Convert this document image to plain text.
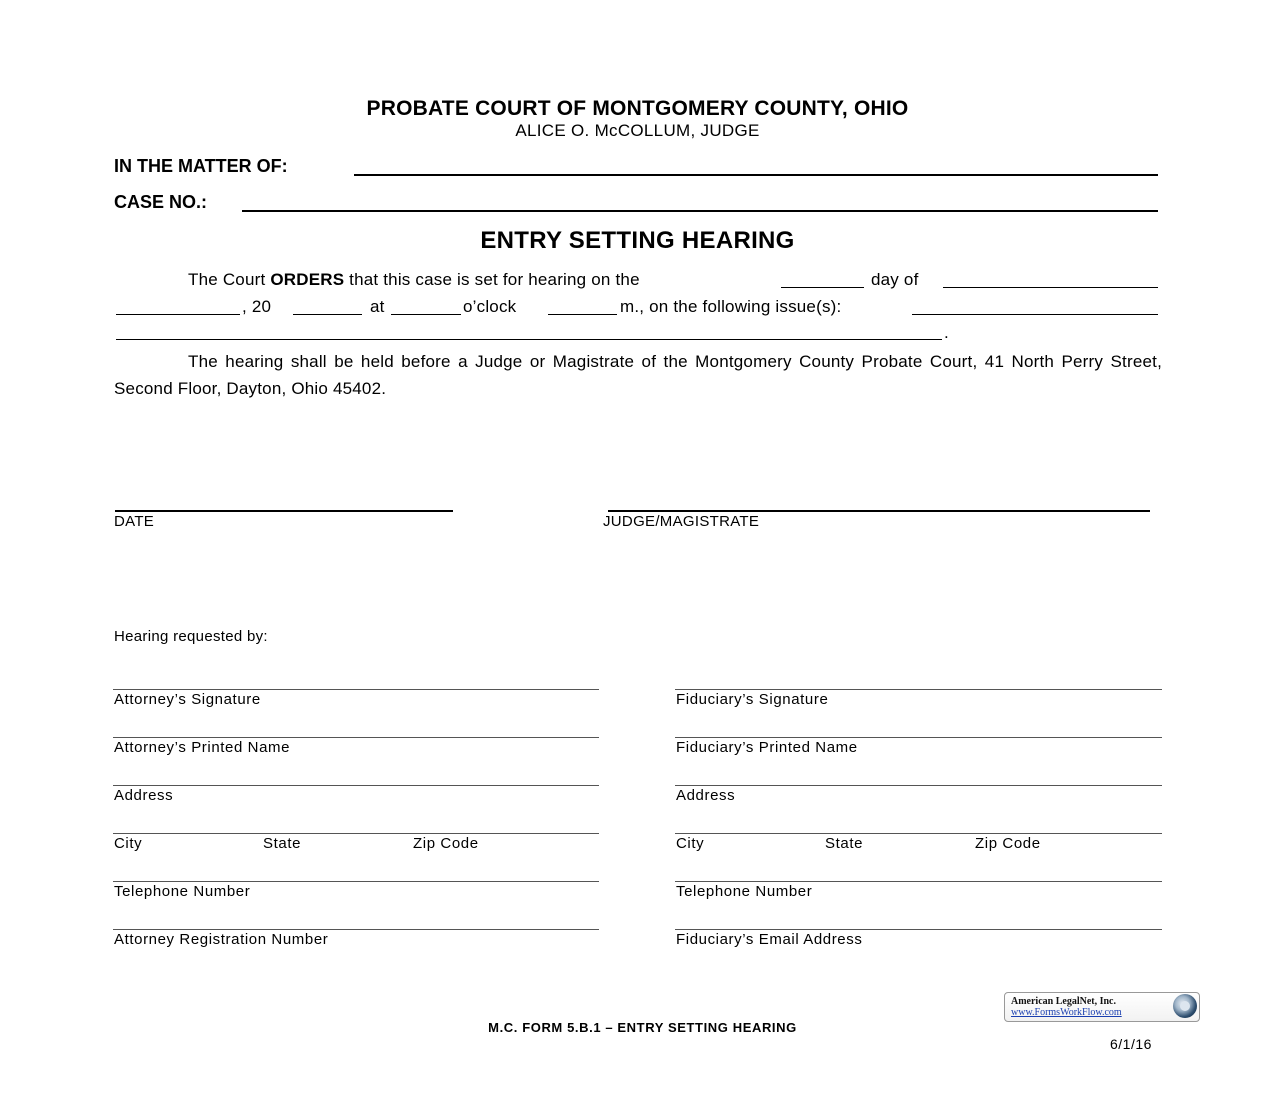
PROBATE COURT OF MONTGOMERY COUNTY, OHIO
ALICE O. McCOLLUM, JUDGE
IN THE MATTER OF:
CASE NO.:
ENTRY SETTING HEARING
The Court ORDERS that this case is set for hearing on the	day of
, 20	at	o’clock	m., on the following issue(s):
.
The hearing shall be held before a Judge or Magistrate of the Montgomery County Probate Court, 41 North Perry Street, Second Floor, Dayton, Ohio 45402.
DATE	JUDGE/MAGISTRATE
Hearing requested by:
Attorney’s Signature
Attorney’s Printed Name
Address
City	State	Zip Code
Telephone Number
Attorney Registration Number
Fiduciary’s Signature
Fiduciary’s Printed Name
Address
City	State	Zip Code
Telephone Number
Fiduciary’s Email Address
American LegalNet, Inc.
www.FormsWorkFlow.com
M.C. FORM 5.B.1 – ENTRY SETTING HEARING
6/1/16
